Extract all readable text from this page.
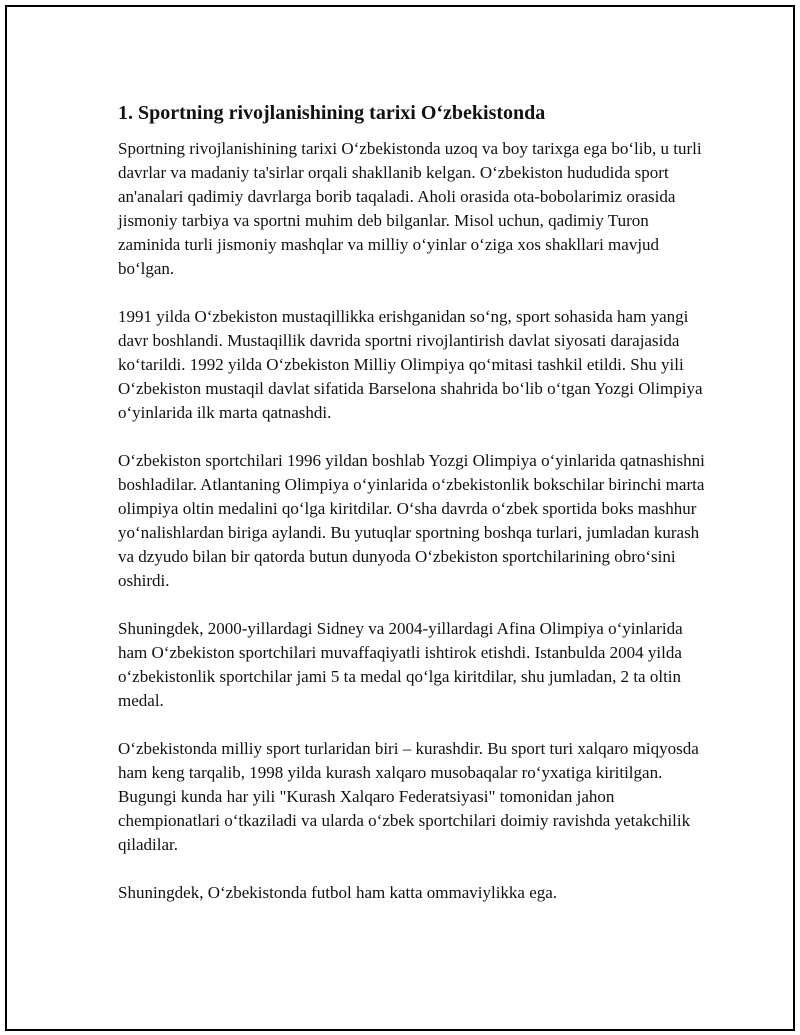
1. Sportning rivojlanishining tarixi O‘zbekistonda

Sportning rivojlanishining tarixi O‘zbekistonda uzoq va boy tarixga ega bo‘lib, u turli davrlar va madaniy ta'sirlar orqali shakllanib kelgan. O‘zbekiston hududida sport an'analari qadimiy davrlarga borib taqaladi. Aholi orasida ota-bobolarimiz orasida jismoniy tarbiya va sportni muhim deb bilganlar. Misol uchun, qadimiy Turon zaminida turli jismoniy mashqlar va milliy o‘yinlar o‘ziga xos shakllari mavjud bo‘lgan.

1991 yilda O‘zbekiston mustaqillikka erishganidan so‘ng, sport sohasida ham yangi davr boshlandi. Mustaqillik davrida sportni rivojlantirish davlat siyosati darajasida ko‘tarildi. 1992 yilda O‘zbekiston Milliy Olimpiya qo‘mitasi tashkil etildi. Shu yili O‘zbekiston mustaqil davlat sifatida Barselona shahrida bo‘lib o‘tgan Yozgi Olimpiya o‘yinlarida ilk marta qatnashdi.

O‘zbekiston sportchilari 1996 yildan boshlab Yozgi Olimpiya o‘yinlarida qatnashishni boshladilar. Atlantaning Olimpiya o‘yinlarida o‘zbekistonlik bokschilar birinchi marta olimpiya oltin medalini qo‘lga kiritdilar. O‘sha davrda o‘zbek sportida boks mashhur yo‘nalishlardan biriga aylandi. Bu yutuqlar sportning boshqa turlari, jumladan kurash va dzyudo bilan bir qatorda butun dunyoda O‘zbekiston sportchilarining obro‘sini oshirdi.

Shuningdek, 2000-yillardagi Sidney va 2004-yillardagi Afina Olimpiya o‘yinlarida ham O‘zbekiston sportchilari muvaffaqiyatli ishtirok etishdi. Istanbulda 2004 yilda o‘zbekistonlik sportchilar jami 5 ta medal qo‘lga kiritdilar, shu jumladan, 2 ta oltin medal.

O‘zbekistonda milliy sport turlaridan biri – kurashdir. Bu sport turi xalqaro miqyosda ham keng tarqalib, 1998 yilda kurash xalqaro musobaqalar ro‘yxatiga kiritilgan. Bugungi kunda har yili "Kurash Xalqaro Federatsiyasi" tomonidan jahon chempionatlari o‘tkaziladi va ularda o‘zbek sportchilari doimiy ravishda yetakchilik qiladilar.

Shuningdek, O‘zbekistonda futbol ham katta ommaviylikka ega.
